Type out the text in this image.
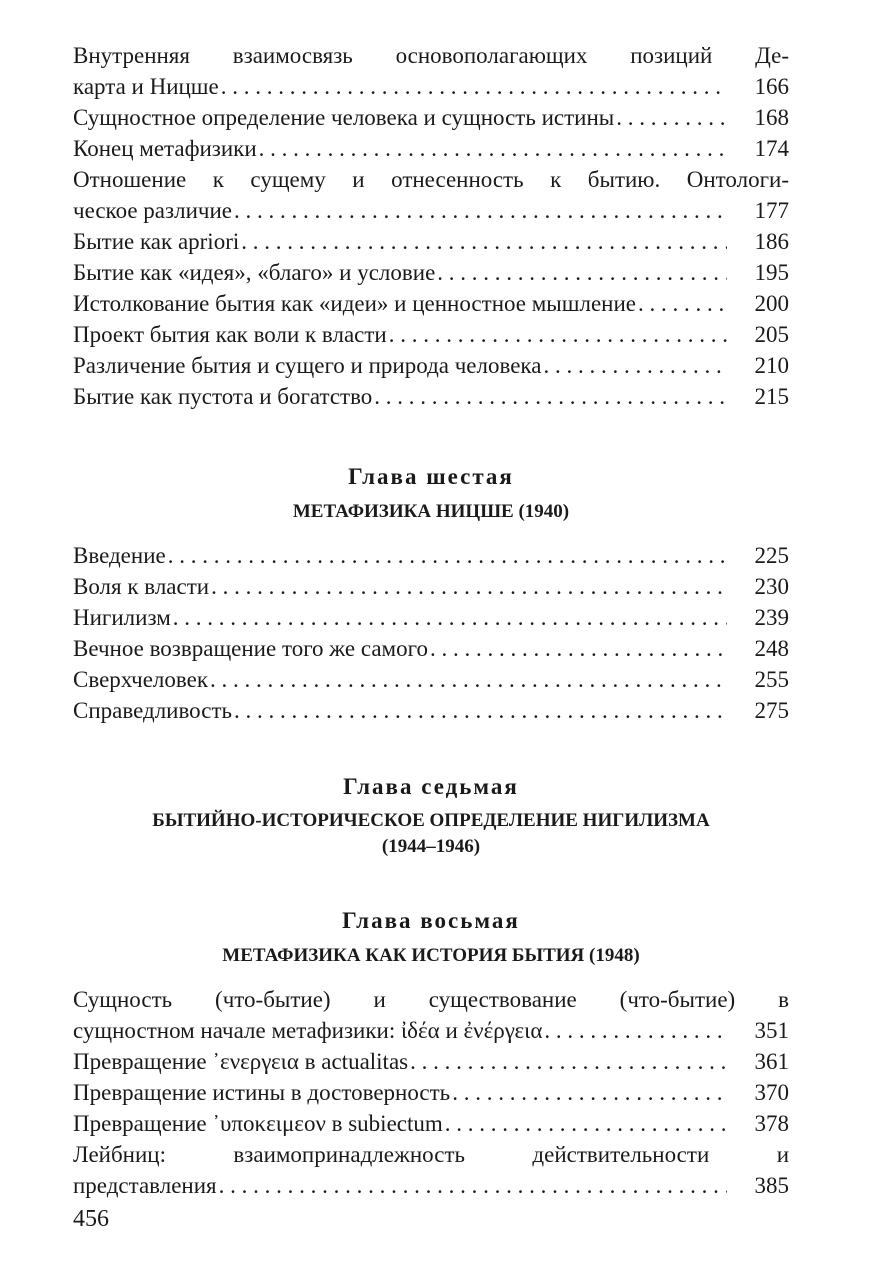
Внутренняя взаимосвязь основополагающих позиций Де-
карта и Ницше . . .	166
Сущностное определение человека и сущность истины . . .	168
Конец метафизики . . .	174
Отношение к сущему и отнесенность к бытию. Онтологи-
ческое различие . . .	177
Бытие как apriori . . .	186
Бытие как «идея», «благо» и условие . . .	195
Истолкование бытия как «идеи» и ценностное мышление . . .	200
Проект бытия как воли к власти . . .	205
Различение бытия и сущего и природа человека . . .	210
Бытие как пустота и богатство . . .	215
Глава шестая
МЕТАФИЗИКА НИЦШЕ (1940)
Введение . . .	225
Воля к власти . . .	230
Нигилизм . . .	239
Вечное возвращение того же самого . . .	248
Сверхчеловек . . .	255
Справедливость . . .	275
Глава седьмая
БЫТИЙНО-ИСТОРИЧЕСКОЕ ОПРЕДЕЛЕНИЕ НИГИЛИЗМА
(1944–1946)
Глава восьмая
МЕТАФИЗИКА КАК ИСТОРИЯ БЫТИЯ (1948)
Сущность (что-бытие) и существование (что-бытие) в
сущностном начале метафизики: ἰδέα и ἐνέργεια . . .	351
Превращение ᾿ενεργεια в actualitas . . .	361
Превращение истины в достоверность . . .	370
Превращение ᾿υποκειμεον в subiectum . . .	378
Лейбниц: взаимопринадлежность действительности и
представления . . .	385
456
